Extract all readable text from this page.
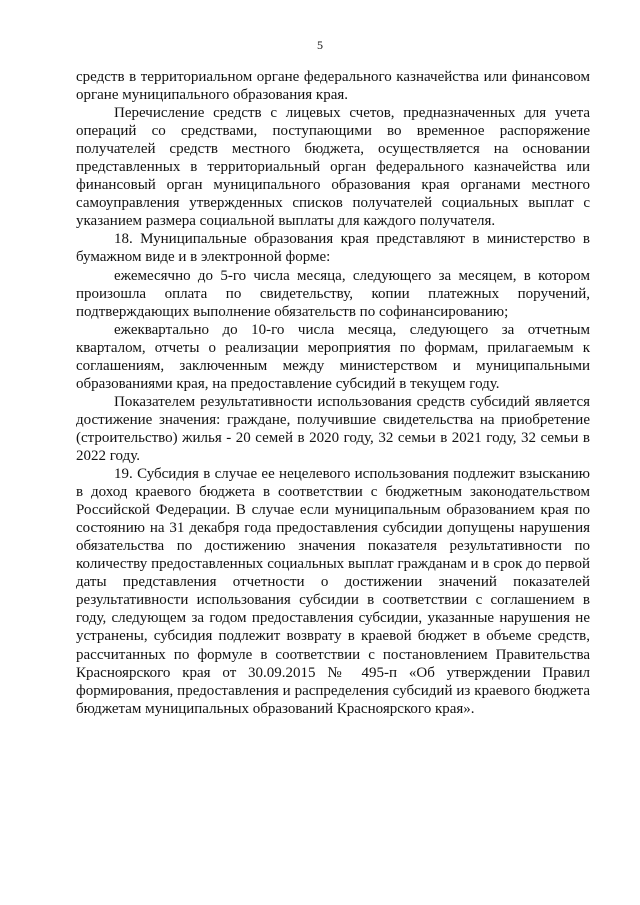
5

средств в территориальном органе федерального казначейства или финансовом органе муниципального образования края.

Перечисление средств с лицевых счетов, предназначенных для учета операций со средствами, поступающими во временное распоряжение получателей средств местного бюджета, осуществляется на основании представленных в территориальный орган федерального казначейства или финансовый орган муниципального образования края органами местного самоуправления утвержденных списков получателей социальных выплат с указанием размера социальной выплаты для каждого получателя.

18. Муниципальные образования края представляют в министерство в бумажном виде и в электронной форме:

ежемесячно до 5-го числа месяца, следующего за месяцем, в котором произошла оплата по свидетельству, копии платежных поручений, подтверждающих выполнение обязательств по софинансированию;

ежеквартально до 10-го числа месяца, следующего за отчетным кварталом, отчеты о реализации мероприятия по формам, прилагаемым к соглашениям, заключенным между министерством и муниципальными образованиями края, на предоставление субсидий в текущем году.

Показателем результативности использования средств субсидий является достижение значения: граждане, получившие свидетельства на приобретение (строительство) жилья - 20 семей в 2020 году, 32 семьи в 2021 году, 32 семьи в 2022 году.

19. Субсидия в случае ее нецелевого использования подлежит взысканию в доход краевого бюджета в соответствии с бюджетным законодательством Российской Федерации. В случае если муниципальным образованием края по состоянию на 31 декабря года предоставления субсидии допущены нарушения обязательства по достижению значения показателя результативности по количеству предоставленных социальных выплат гражданам и в срок до первой даты представления отчетности о достижении значений показателей результативности использования субсидии в соответствии с соглашением в году, следующем за годом предоставления субсидии, указанные нарушения не устранены, субсидия подлежит возврату в краевой бюджет в объеме средств, рассчитанных по формуле в соответствии с постановлением Правительства Красноярского края от 30.09.2015 № 495-п «Об утверждении Правил формирования, предоставления и распределения субсидий из краевого бюджета бюджетам муниципальных образований Красноярского края».
